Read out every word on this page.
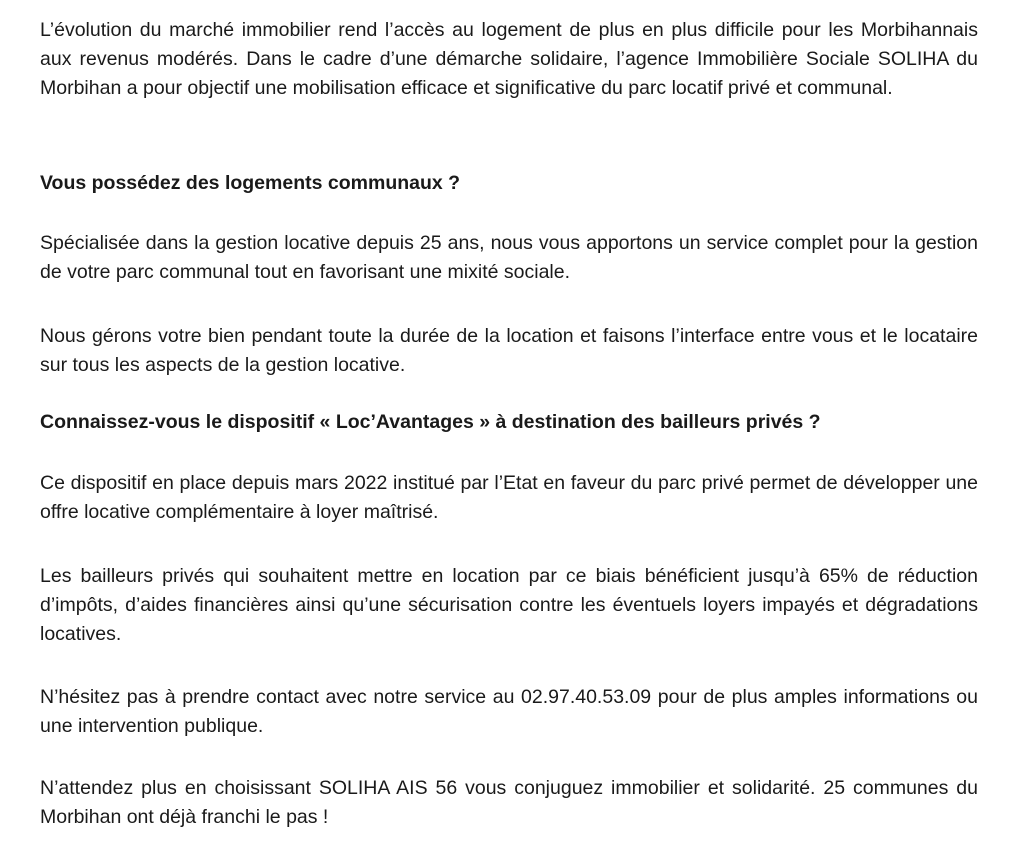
L’évolution du marché immobilier rend l’accès au logement de plus en plus difficile pour les Morbihannais aux revenus modérés. Dans le cadre d’une démarche solidaire, l’agence Immobilière Sociale SOLIHA du Morbihan a pour objectif une mobilisation efficace et significative du parc locatif privé et communal.

Vous possédez des logements communaux ?

Spécialisée dans la gestion locative depuis 25 ans, nous vous apportons un service complet pour la gestion de votre parc communal tout en favorisant une mixité sociale.

Nous gérons votre bien pendant toute la durée de la location et faisons l’interface entre vous et le locataire sur tous les aspects de la gestion locative.

Connaissez-vous le dispositif « Loc’Avantages » à destination des bailleurs privés ?

Ce dispositif en place depuis mars 2022 institué par l’Etat en faveur du parc privé permet de développer une offre locative complémentaire à loyer maîtrisé.

Les bailleurs privés qui souhaitent mettre en location par ce biais bénéficient jusqu’à 65% de réduction d’impôts, d’aides financières ainsi qu’une sécurisation contre les éventuels loyers impayés et dégradations locatives.

N’hésitez pas à prendre contact avec notre service au 02.97.40.53.09 pour de plus amples informations ou une intervention publique.

N’attendez plus en choisissant SOLIHA AIS 56 vous conjuguez immobilier et solidarité. 25 communes du Morbihan ont déjà franchi le pas !
